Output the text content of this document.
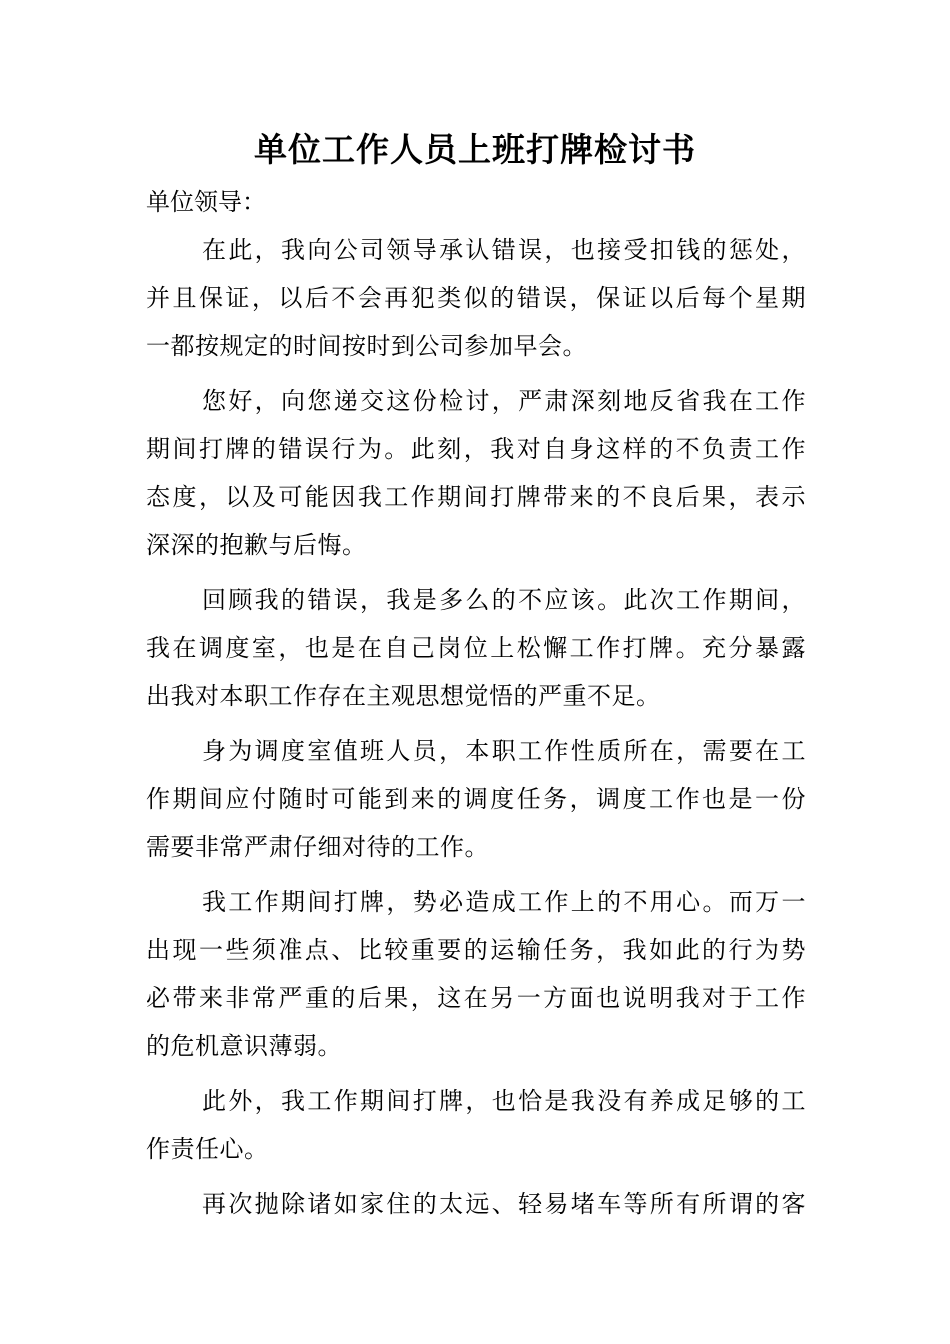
单位工作人员上班打牌检讨书

单位领导：

在此，我向公司领导承认错误，也接受扣钱的惩处，
并且保证，以后不会再犯类似的错误，保证以后每个星期
一都按规定的时间按时到公司参加早会。
您好，向您递交这份检讨，严肃深刻地反省我在工作
期间打牌的错误行为。此刻，我对自身这样的不负责工作
态度，以及可能因我工作期间打牌带来的不良后果，表示
深深的抱歉与后悔。
回顾我的错误，我是多么的不应该。此次工作期间，
我在调度室，也是在自己岗位上松懈工作打牌。充分暴露
出我对本职工作存在主观思想觉悟的严重不足。
身为调度室值班人员，本职工作性质所在，需要在工
作期间应付随时可能到来的调度任务，调度工作也是一份
需要非常严肃仔细对待的工作。
我工作期间打牌，势必造成工作上的不用心。而万一
出现一些须准点、比较重要的运输任务，我如此的行为势
必带来非常严重的后果，这在另一方面也说明我对于工作
的危机意识薄弱。
此外，我工作期间打牌，也恰是我没有养成足够的工
作责任心。
再次抛除诸如家住的太远、轻易堵车等所有所谓的客
